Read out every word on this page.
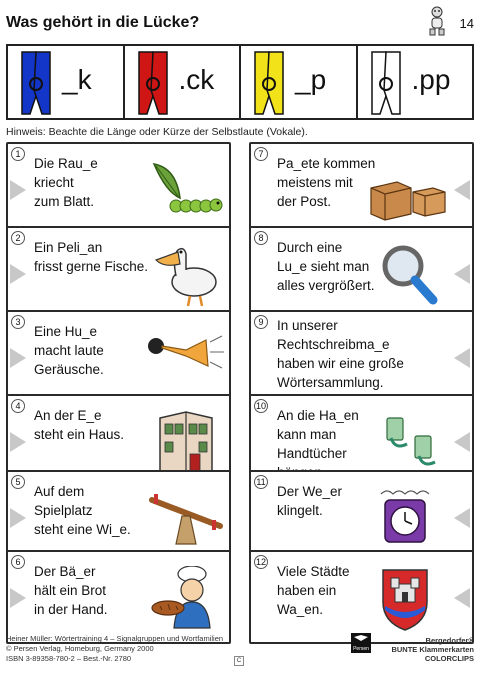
Was gehört in die Lücke?	14
_k	.ck	_p	.pp
Hinweis: Beachte die Länge oder Kürze der Selbstlaute (Vokale).
1
Die Rau_e
kriecht
zum Blatt.
2
Ein Peli_an
frisst gerne Fische.
3
Eine Hu_e
macht laute Geräusche.
4
An der E_e
steht ein Haus.
5
Auf dem
Spielplatz
steht eine Wi_e.
6
Der Bä_er
hält ein Brot
in der Hand.
7
Pa_ete kommen
meistens mit
der Post.
8
Durch eine
Lu_e sieht man
alles vergrößert.
9	In unserer
Rechtschreibma_e
haben wir eine große
Wörtersammlung.
10
An die Ha_en
kann man
Handtücher
11
Der We_er
klingelt.
12
Viele Städte
haben ein
Wa_en.
Heiner Müller: Wörtertraining 4 – Signalgruppen und Wortfamilien
© Persen Verlag, Homeburg, Germany 2000
ISBN 3-89358-780-2 – Best.-Nr. 2780	C
Persen
Bergedorfer®
BUNTE Klammerkarten
COLORCLIPS
